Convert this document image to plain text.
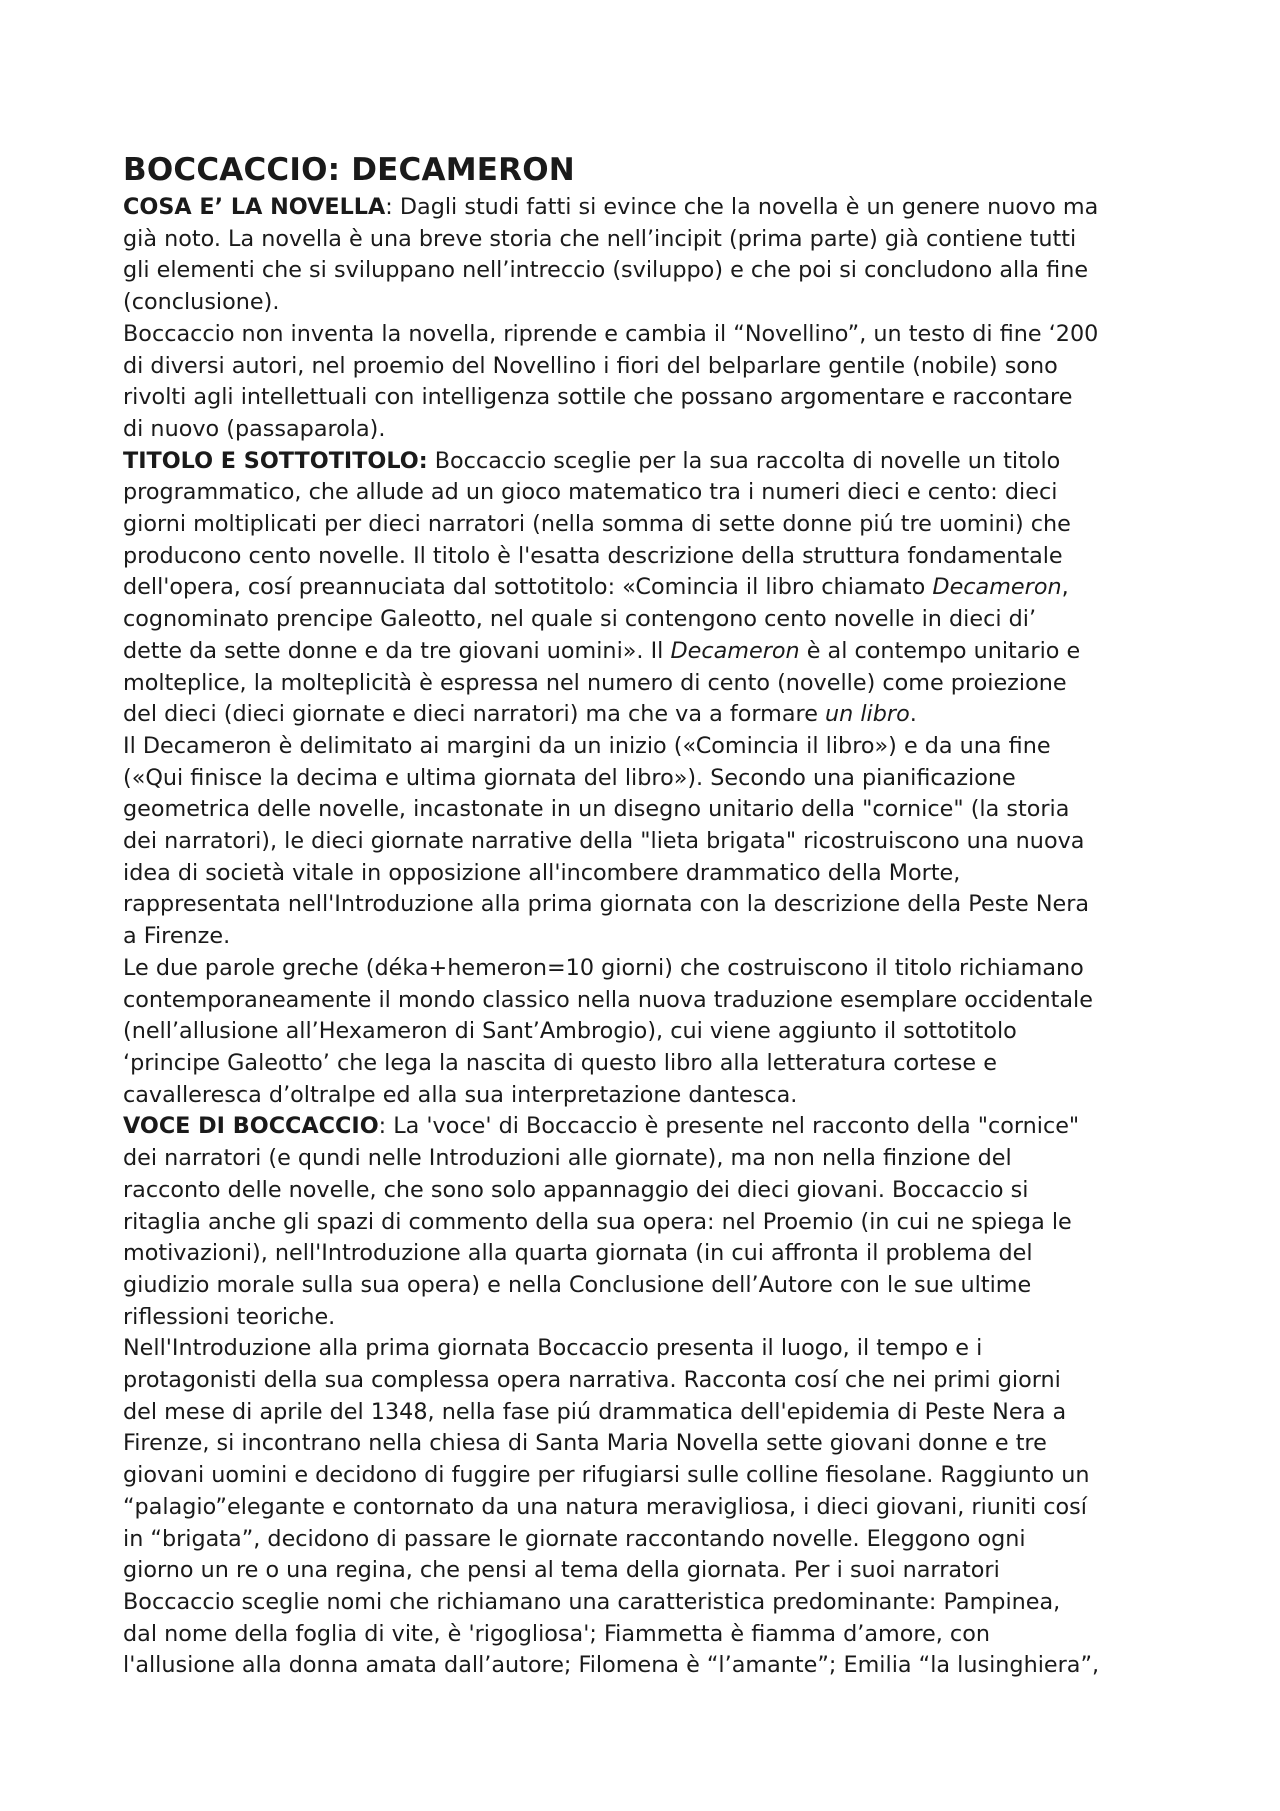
BOCCACCIO: DECAMERON

COSA E’ LA NOVELLA: Dagli studi fatti si evince che la novella è un genere nuovo ma
già noto. La novella è una breve storia che nell’incipit (prima parte) già contiene tutti
gli elementi che si sviluppano nell’intreccio (sviluppo) e che poi si concludono alla fine
(conclusione).

Boccaccio non inventa la novella, riprende e cambia il “Novellino”, un testo di fine ‘200
di diversi autori, nel proemio del Novellino i fiori del belparlare gentile (nobile) sono
rivolti agli intellettuali con intelligenza sottile che possano argomentare e raccontare
di nuovo (passaparola).

TITOLO E SOTTOTITOLO: Boccaccio sceglie per la sua raccolta di novelle un titolo
programmatico, che allude ad un gioco matematico tra i numeri dieci e cento: dieci
giorni moltiplicati per dieci narratori (nella somma di sette donne piú tre uomini) che
producono cento novelle. Il titolo è l'esatta descrizione della struttura fondamentale
dell'opera, cosí preannuciata dal sottotitolo: «Comincia il libro chiamato Decameron,
cognominato prencipe Galeotto, nel quale si contengono cento novelle in dieci di’
dette da sette donne e da tre giovani uomini». Il Decameron è al contempo unitario e
molteplice, la molteplicità è espressa nel numero di cento (novelle) come proiezione
del dieci (dieci giornate e dieci narratori) ma che va a formare un libro.

Il Decameron è delimitato ai margini da un inizio («Comincia il libro») e da una fine
(«Qui finisce la decima e ultima giornata del libro»). Secondo una pianificazione
geometrica delle novelle, incastonate in un disegno unitario della "cornice" (la storia
dei narratori), le dieci giornate narrative della "lieta brigata" ricostruiscono una nuova
idea di società vitale in opposizione all'incombere drammatico della Morte,
rappresentata nell'Introduzione alla prima giornata con la descrizione della Peste Nera
a Firenze.

Le due parole greche (déka+hemeron=10 giorni) che costruiscono il titolo richiamano
contemporaneamente il mondo classico nella nuova traduzione esemplare occidentale
(nell’allusione all’Hexameron di Sant’Ambrogio), cui viene aggiunto il sottotitolo
‘principe Galeotto’ che lega la nascita di questo libro alla letteratura cortese e
cavalleresca d’oltralpe ed alla sua interpretazione dantesca.

VOCE DI BOCCACCIO: La 'voce' di Boccaccio è presente nel racconto della "cornice"
dei narratori (e qundi nelle Introduzioni alle giornate), ma non nella finzione del
racconto delle novelle, che sono solo appannaggio dei dieci giovani. Boccaccio si
ritaglia anche gli spazi di commento della sua opera: nel Proemio (in cui ne spiega le
motivazioni), nell'Introduzione alla quarta giornata (in cui affronta il problema del
giudizio morale sulla sua opera) e nella Conclusione dell’Autore con le sue ultime
riflessioni teoriche.

Nell'Introduzione alla prima giornata Boccaccio presenta il luogo, il tempo e i
protagonisti della sua complessa opera narrativa. Racconta cosí che nei primi giorni
del mese di aprile del 1348, nella fase piú drammatica dell'epidemia di Peste Nera a
Firenze, si incontrano nella chiesa di Santa Maria Novella sette giovani donne e tre
giovani uomini e decidono di fuggire per rifugiarsi sulle colline fiesolane. Raggiunto un
“palagio”elegante e contornato da una natura meravigliosa, i dieci giovani, riuniti cosí
in “brigata”, decidono di passare le giornate raccontando novelle. Eleggono ogni
giorno un re o una regina, che pensi al tema della giornata. Per i suoi narratori
Boccaccio sceglie nomi che richiamano una caratteristica predominante: Pampinea,
dal nome della foglia di vite, è 'rigogliosa'; Fiammetta è fiamma d’amore, con
l'allusione alla donna amata dall’autore; Filomena è “l’amante”; Emilia “la lusinghiera”,
